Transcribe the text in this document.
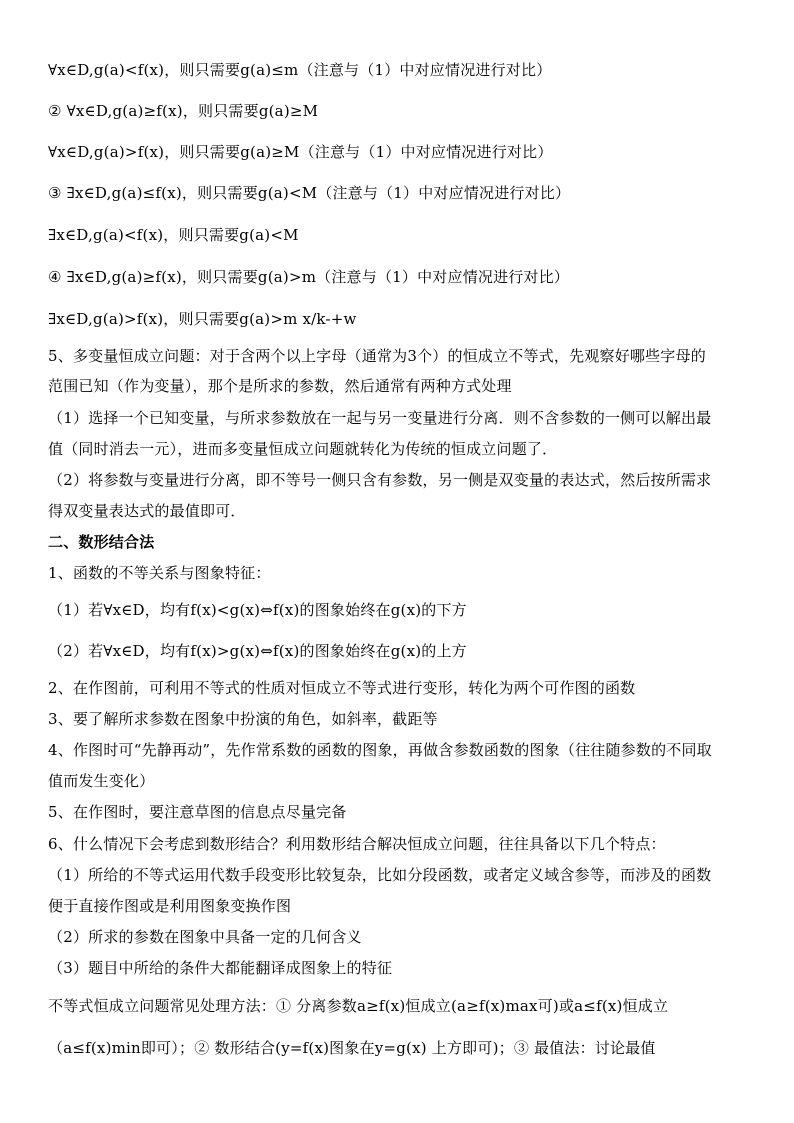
∀x∈D,g(a)<f(x)，则只需要g(a)≤m（注意与（1）中对应情况进行对比）
② ∀x∈D,g(a)≥f(x)，则只需要g(a)≥M
∀x∈D,g(a)>f(x)，则只需要g(a)≥M（注意与（1）中对应情况进行对比）
③ ∃x∈D,g(a)≤f(x)，则只需要g(a)<M（注意与（1）中对应情况进行对比）
∃x∈D,g(a)<f(x)，则只需要g(a)<M
④ ∃x∈D,g(a)≥f(x)，则只需要g(a)>m（注意与（1）中对应情况进行对比）
∃x∈D,g(a)>f(x)，则只需要g(a)>m x/k-+w
5、多变量恒成立问题：对于含两个以上字母（通常为3个）的恒成立不等式，先观察好哪些字母的
范围已知（作为变量），那个是所求的参数，然后通常有两种方式处理
（1）选择一个已知变量，与所求参数放在一起与另一变量进行分离．则不含参数的一侧可以解出最
值（同时消去一元），进而多变量恒成立问题就转化为传统的恒成立问题了．
（2）将参数与变量进行分离，即不等号一侧只含有参数，另一侧是双变量的表达式，然后按所需求
得双变量表达式的最值即可．
二、数形结合法
1、函数的不等关系与图象特征：
（1）若∀x∈D，均有f(x)<g(x)⇔f(x)的图象始终在g(x)的下方
（2）若∀x∈D，均有f(x)>g(x)⇔f(x)的图象始终在g(x)的上方
2、在作图前，可利用不等式的性质对恒成立不等式进行变形，转化为两个可作图的函数
3、要了解所求参数在图象中扮演的角色，如斜率，截距等
4、作图时可“先静再动”，先作常系数的函数的图象，再做含参数函数的图象（往往随参数的不同取
值而发生变化）
5、在作图时，要注意草图的信息点尽量完备
6、什么情况下会考虑到数形结合？利用数形结合解决恒成立问题，往往具备以下几个特点：
（1）所给的不等式运用代数手段变形比较复杂，比如分段函数，或者定义域含参等，而涉及的函数
便于直接作图或是利用图象变换作图
（2）所求的参数在图象中具备一定的几何含义
（3）题目中所给的条件大都能翻译成图象上的特征
不等式恒成立问题常见处理方法：① 分离参数a≥f(x)恒成立(a≥f(x)max可)或a≤f(x)恒成立
（a≤f(x)min即可）；② 数形结合(y=f(x)图象在y=g(x) 上方即可)；③ 最值法：讨论最值
